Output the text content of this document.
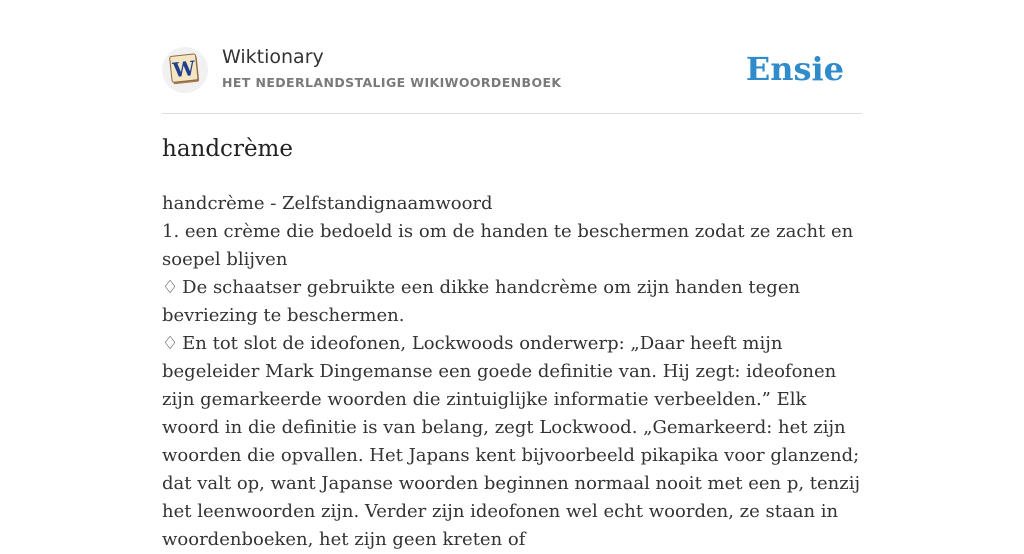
W Wiktionary
HET NEDERLANDSTALIGE WIKIWOORDENBOEK	Ensie
handcrème

handcrème - Zelfstandignaamwoord

1. een crème die bedoeld is om de handen te beschermen zodat ze zacht en soepel blijven

♢ De schaatser gebruikte een dikke handcrème om zijn handen tegen bevriezing te beschermen.

♢ En tot slot de ideofonen, Lockwoods onderwerp: „Daar heeft mijn begeleider Mark Dingemanse een goede definitie van. Hij zegt: ideofonen zijn gemarkeerde woorden die zintuiglijke informatie verbeelden.” Elk woord in die definitie is van belang, zegt Lockwood. „Gemarkeerd: het zijn woorden die opvallen. Het Japans kent bijvoorbeeld pikapika voor glanzend; dat valt op, want Japanse woorden beginnen normaal nooit met een p, tenzij het leenwoorden zijn. Verder zijn ideofonen wel echt woorden, ze staan in woordenboeken, het zijn geen kreten of
